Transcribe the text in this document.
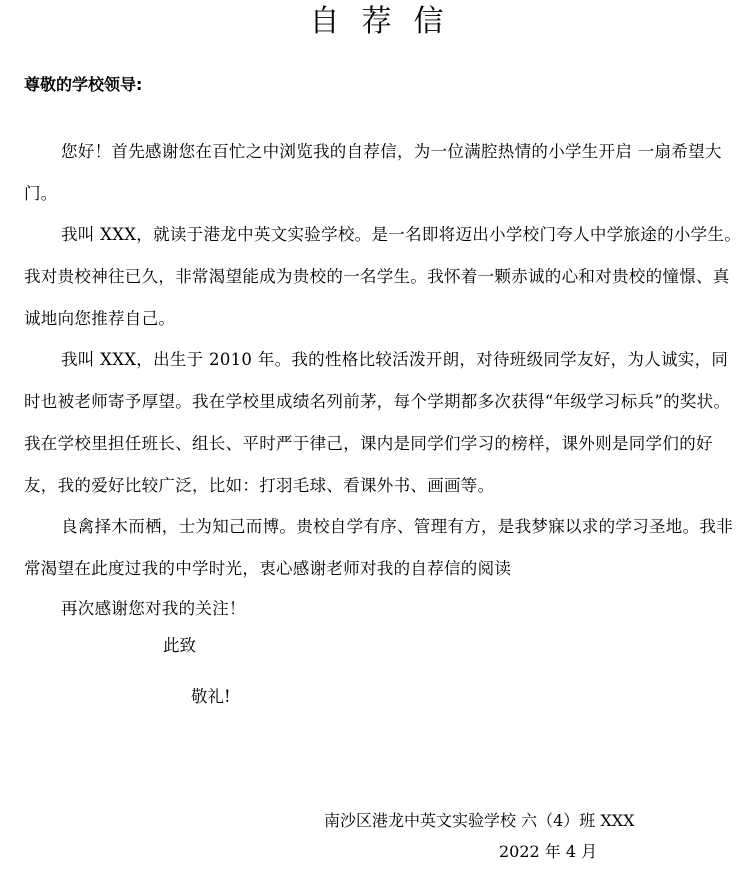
自荐信
尊敬的学校领导:

您好！首先感谢您在百忙之中浏览我的自荐信，为一位满腔热情的小学生开启 一扇希望大门。

我叫 XXX，就读于港龙中英文实验学校。是一名即将迈出小学校门夸人中学旅途的小学生。我对贵校神往已久，非常渴望能成为贵校的一名学生。我怀着一颗赤诚的心和对贵校的憧憬、真诚地向您推荐自己。

我叫 XXX，出生于 2010 年。我的性格比较活泼开朗，对待班级同学友好，为人诚实，同时也被老师寄予厚望。我在学校里成绩名列前茅，每个学期都多次获得“年级学习标兵”的奖状。我在学校里担任班长、组长、平时严于律己，课内是同学们学习的榜样，课外则是同学们的好友，我的爱好比较广泛，比如：打羽毛球、看课外书、画画等。

良禽择木而栖，士为知己而博。贵校自学有序、管理有方，是我梦寐以求的学习圣地。我非常渴望在此度过我的中学时光，衷心感谢老师对我的自荐信的阅读

再次感谢您对我的关注！

此致
敬礼!
南沙区港龙中英文实验学校 六（4）班 XXX
2022 年 4 月
